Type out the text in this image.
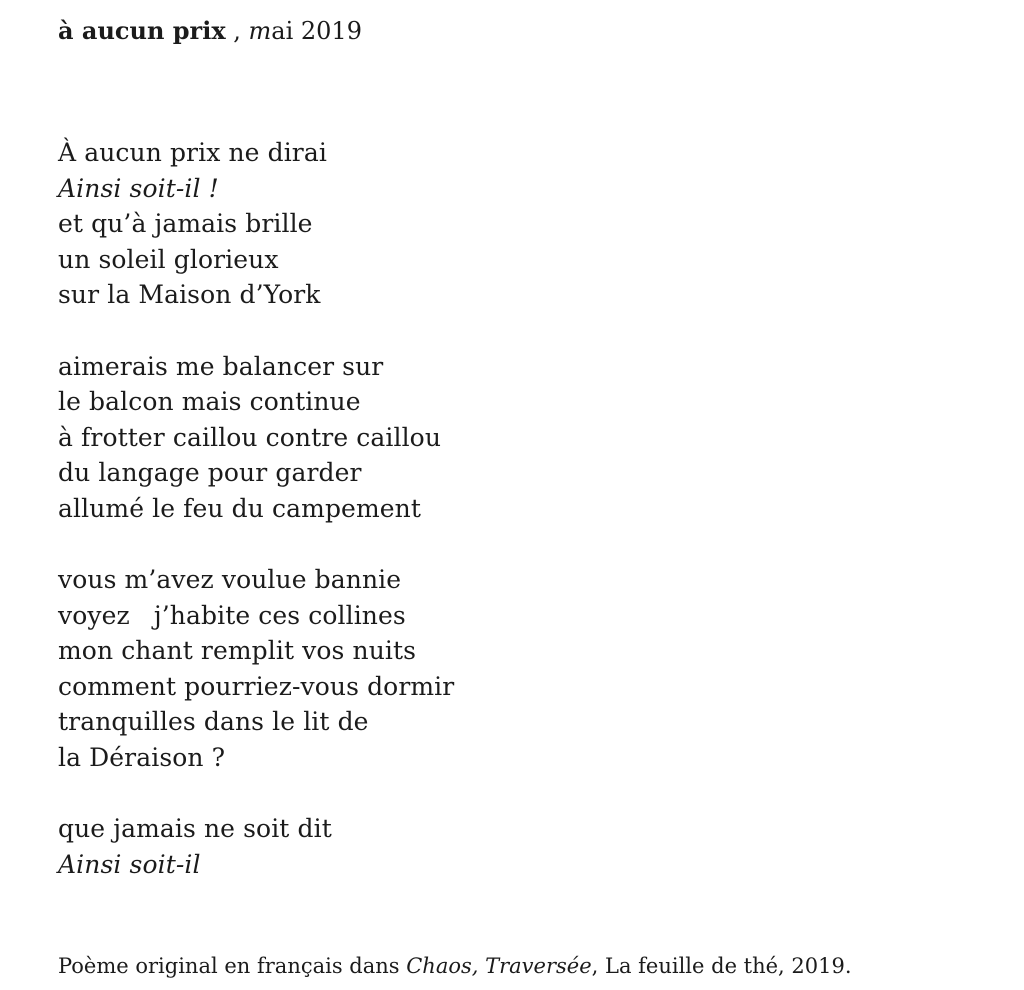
à aucun prix , mai 2019
À aucun prix ne dirai
Ainsi soit-il !
et qu’à jamais brille
un soleil glorieux
sur la Maison d’York
aimerais me balancer sur
le balcon mais continue
à frotter caillou contre caillou
du langage pour garder
allumé le feu du campement
vous m’avez voulue bannie
voyez   j’habite ces collines
mon chant remplit vos nuits
comment pourriez-vous dormir
tranquilles dans le lit de
la Déraison ?
que jamais ne soit dit
Ainsi soit-il
Poème original en français dans Chaos, Traversée, La feuille de thé, 2019.
